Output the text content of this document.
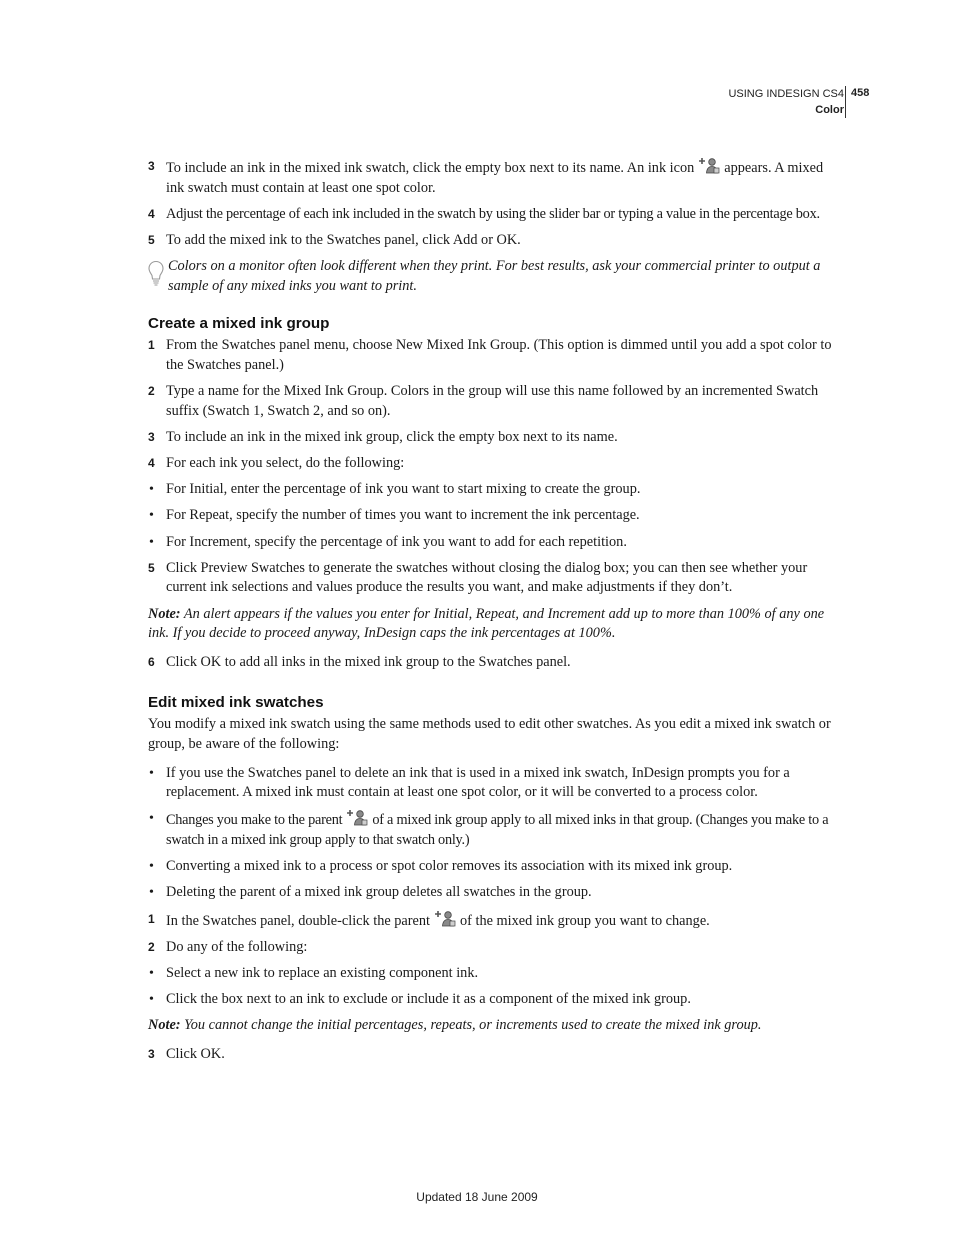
USING INDESIGN CS4
Color
458
3 To include an ink in the mixed ink swatch, click the empty box next to its name. An ink icon appears. A mixed ink swatch must contain at least one spot color.
4 Adjust the percentage of each ink included in the swatch by using the slider bar or typing a value in the percentage box.
5 To add the mixed ink to the Swatches panel, click Add or OK.
Colors on a monitor often look different when they print. For best results, ask your commercial printer to output a sample of any mixed inks you want to print.
Create a mixed ink group
1 From the Swatches panel menu, choose New Mixed Ink Group. (This option is dimmed until you add a spot color to the Swatches panel.)
2 Type a name for the Mixed Ink Group. Colors in the group will use this name followed by an incremented Swatch suffix (Swatch 1, Swatch 2, and so on).
3 To include an ink in the mixed ink group, click the empty box next to its name.
4 For each ink you select, do the following:
• For Initial, enter the percentage of ink you want to start mixing to create the group.
• For Repeat, specify the number of times you want to increment the ink percentage.
• For Increment, specify the percentage of ink you want to add for each repetition.
5 Click Preview Swatches to generate the swatches without closing the dialog box; you can then see whether your current ink selections and values produce the results you want, and make adjustments if they don’t.
Note: An alert appears if the values you enter for Initial, Repeat, and Increment add up to more than 100% of any one ink. If you decide to proceed anyway, InDesign caps the ink percentages at 100%.
6 Click OK to add all inks in the mixed ink group to the Swatches panel.
Edit mixed ink swatches
You modify a mixed ink swatch using the same methods used to edit other swatches. As you edit a mixed ink swatch or group, be aware of the following:
• If you use the Swatches panel to delete an ink that is used in a mixed ink swatch, InDesign prompts you for a replacement. A mixed ink must contain at least one spot color, or it will be converted to a process color.
• Changes you make to the parent of a mixed ink group apply to all mixed inks in that group. (Changes you make to a swatch in a mixed ink group apply to that swatch only.)
• Converting a mixed ink to a process or spot color removes its association with its mixed ink group.
• Deleting the parent of a mixed ink group deletes all swatches in the group.
1 In the Swatches panel, double-click the parent of the mixed ink group you want to change.
2 Do any of the following:
• Select a new ink to replace an existing component ink.
• Click the box next to an ink to exclude or include it as a component of the mixed ink group.
Note: You cannot change the initial percentages, repeats, or increments used to create the mixed ink group.
3 Click OK.
Updated 18 June 2009
